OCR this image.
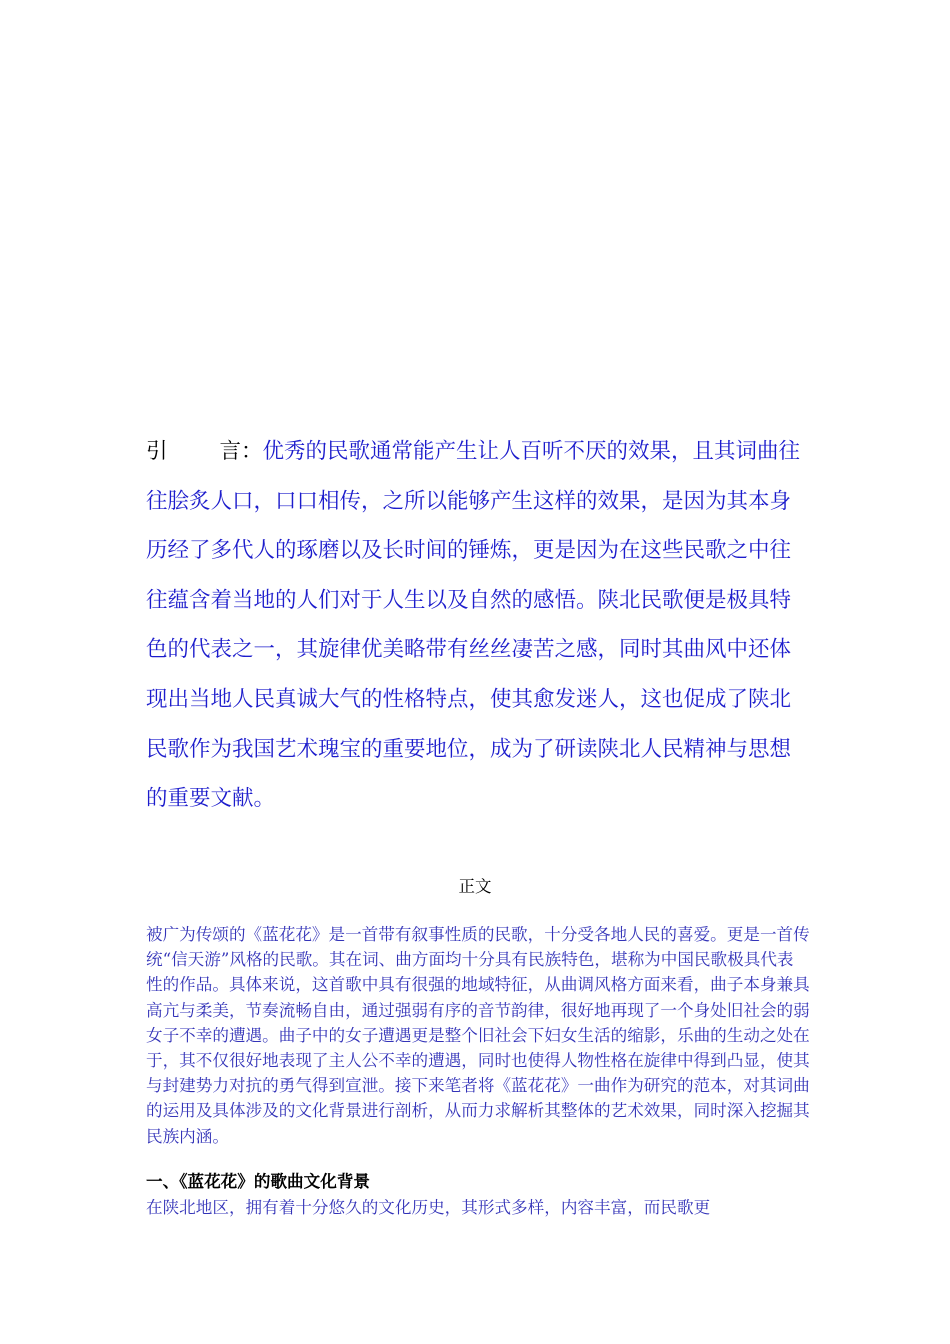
引 言：优秀的民歌通常能产生让人百听不厌的效果，且其词曲往往脍炙人口，口口相传，之所以能够产生这样的效果，是因为其本身历经了多代人的琢磨以及长时间的锤炼，更是因为在这些民歌之中往往蕴含着当地的人们对于人生以及自然的感悟。陕北民歌便是极具特色的代表之一，其旋律优美略带有丝丝凄苦之感，同时其曲风中还体现出当地人民真诚大气的性格特点，使其愈发迷人，这也促成了陕北民歌作为我国艺术瑰宝的重要地位，成为了研读陕北人民精神与思想的重要文献。

正文

被广为传颂的《蓝花花》是一首带有叙事性质的民歌，十分受各地人民的喜爱。更是一首传统“信天游”风格的民歌。其在词、曲方面均十分具有民族特色，堪称为中国民歌极具代表性的作品。具体来说，这首歌中具有很强的地域特征，从曲调风格方面来看，曲子本身兼具高亢与柔美，节奏流畅自由，通过强弱有序的音节韵律，很好地再现了一个身处旧社会的弱女子不幸的遭遇。曲子中的女子遭遇更是整个旧社会下妇女生活的缩影，乐曲的生动之处在于，其不仅很好地表现了主人公不幸的遭遇，同时也使得人物性格在旋律中得到凸显，使其与封建势力对抗的勇气得到宣泄。接下来笔者将《蓝花花》一曲作为研究的范本，对其词曲的运用及具体涉及的文化背景进行剖析，从而力求解析其整体的艺术效果，同时深入挖掘其民族内涵。

一、《蓝花花》的歌曲文化背景

在陕北地区，拥有着十分悠久的文化历史，其形式多样，内容丰富，而民歌更
